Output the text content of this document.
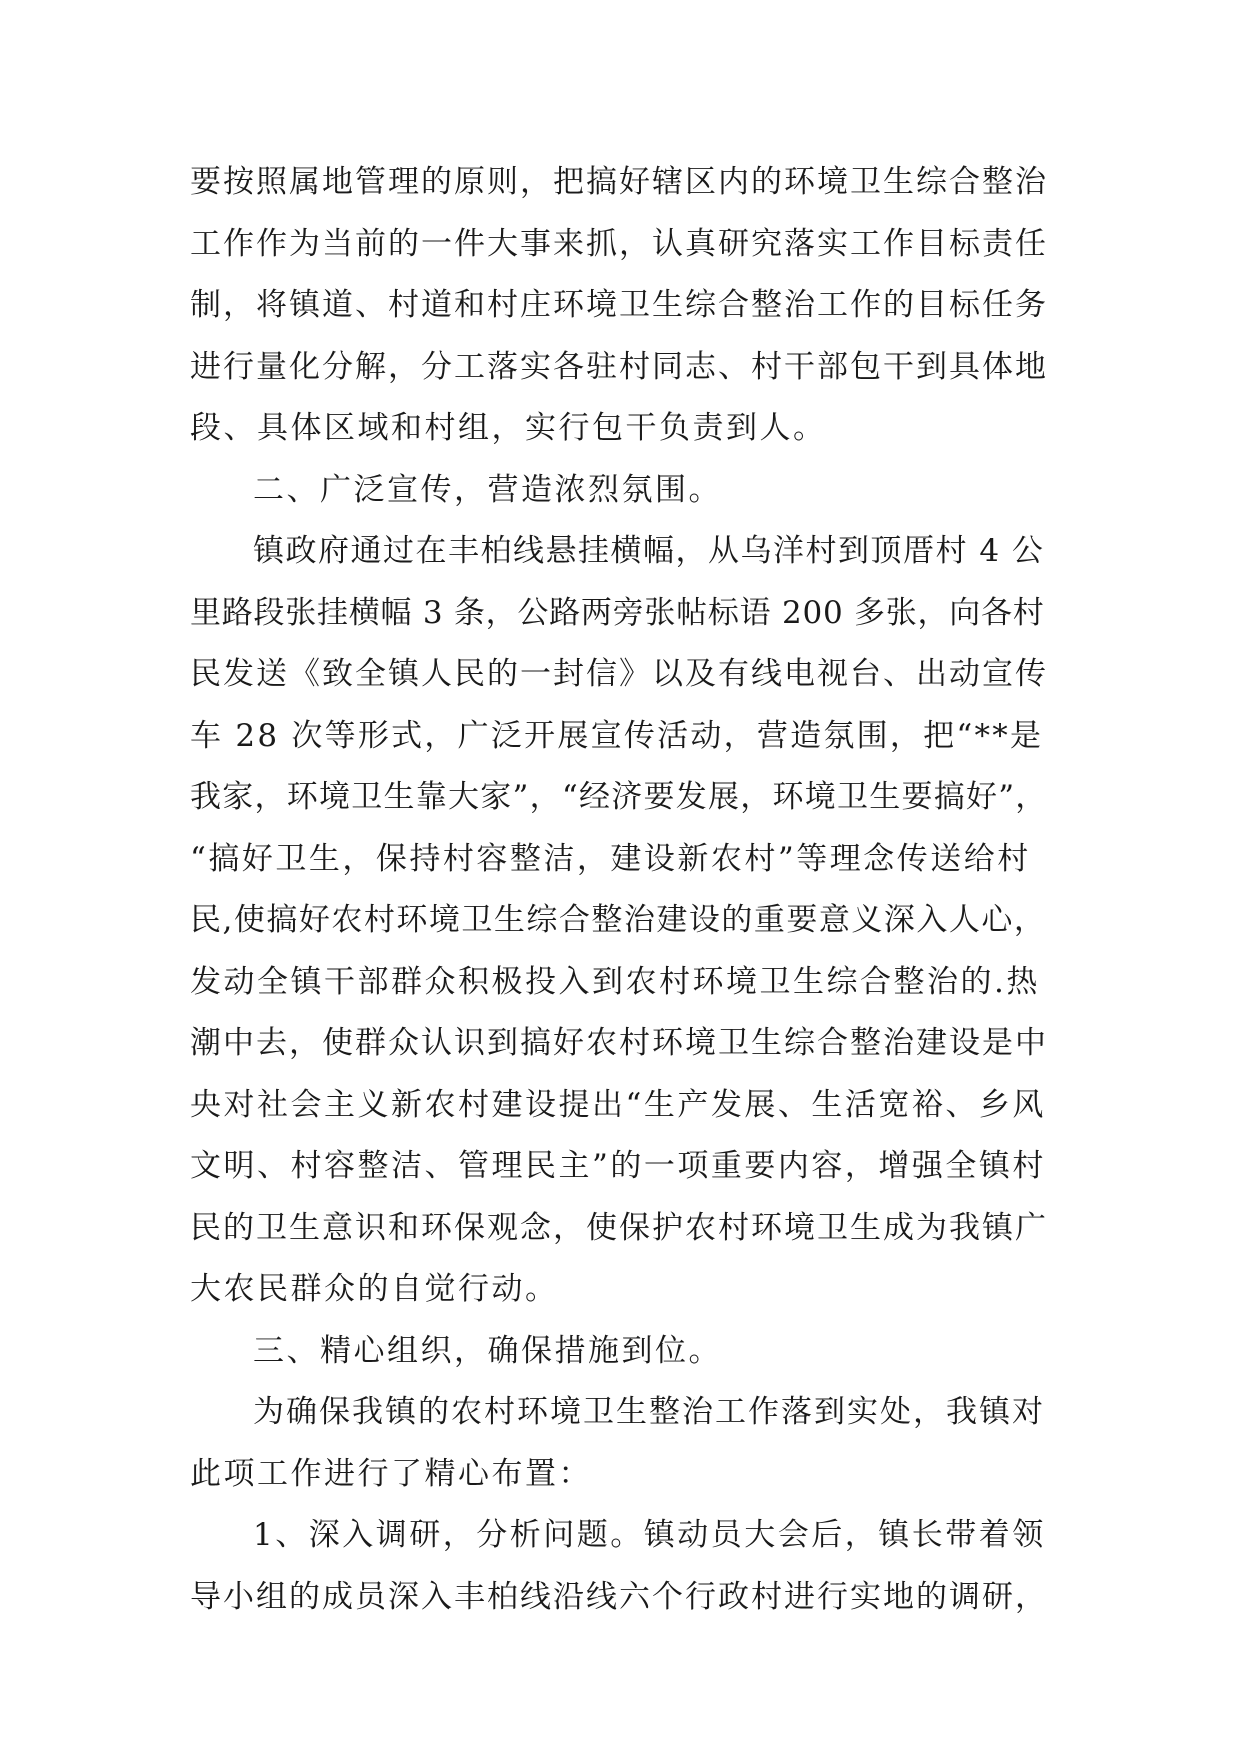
要按照属地管理的原则，把搞好辖区内的环境卫生综合整治
工作作为当前的一件大事来抓，认真研究落实工作目标责任
制，将镇道、村道和村庄环境卫生综合整治工作的目标任务
进行量化分解，分工落实各驻村同志、村干部包干到具体地
段、具体区域和村组，实行包干负责到人。
二、广泛宣传，营造浓烈氛围。
镇政府通过在丰柏线悬挂横幅，从乌洋村到顶厝村 4 公
里路段张挂横幅 3 条，公路两旁张帖标语 200 多张，向各村
民发送《致全镇人民的一封信》以及有线电视台、出动宣传
车 28 次等形式，广泛开展宣传活动，营造氛围，把“**是
我家，环境卫生靠大家”，“经济要发展，环境卫生要搞好”，
“搞好卫生，保持村容整洁，建设新农村”等理念传送给村
民,使搞好农村环境卫生综合整治建设的重要意义深入人心，
发动全镇干部群众积极投入到农村环境卫生综合整治的.热
潮中去，使群众认识到搞好农村环境卫生综合整治建设是中
央对社会主义新农村建设提出“生产发展、生活宽裕、乡风
文明、村容整洁、管理民主”的一项重要内容，增强全镇村
民的卫生意识和环保观念，使保护农村环境卫生成为我镇广
大农民群众的自觉行动。
三、精心组织，确保措施到位。
为确保我镇的农村环境卫生整治工作落到实处，我镇对
此项工作进行了精心布置：
1、深入调研，分析问题。镇动员大会后，镇长带着领
导小组的成员深入丰柏线沿线六个行政村进行实地的调研，
